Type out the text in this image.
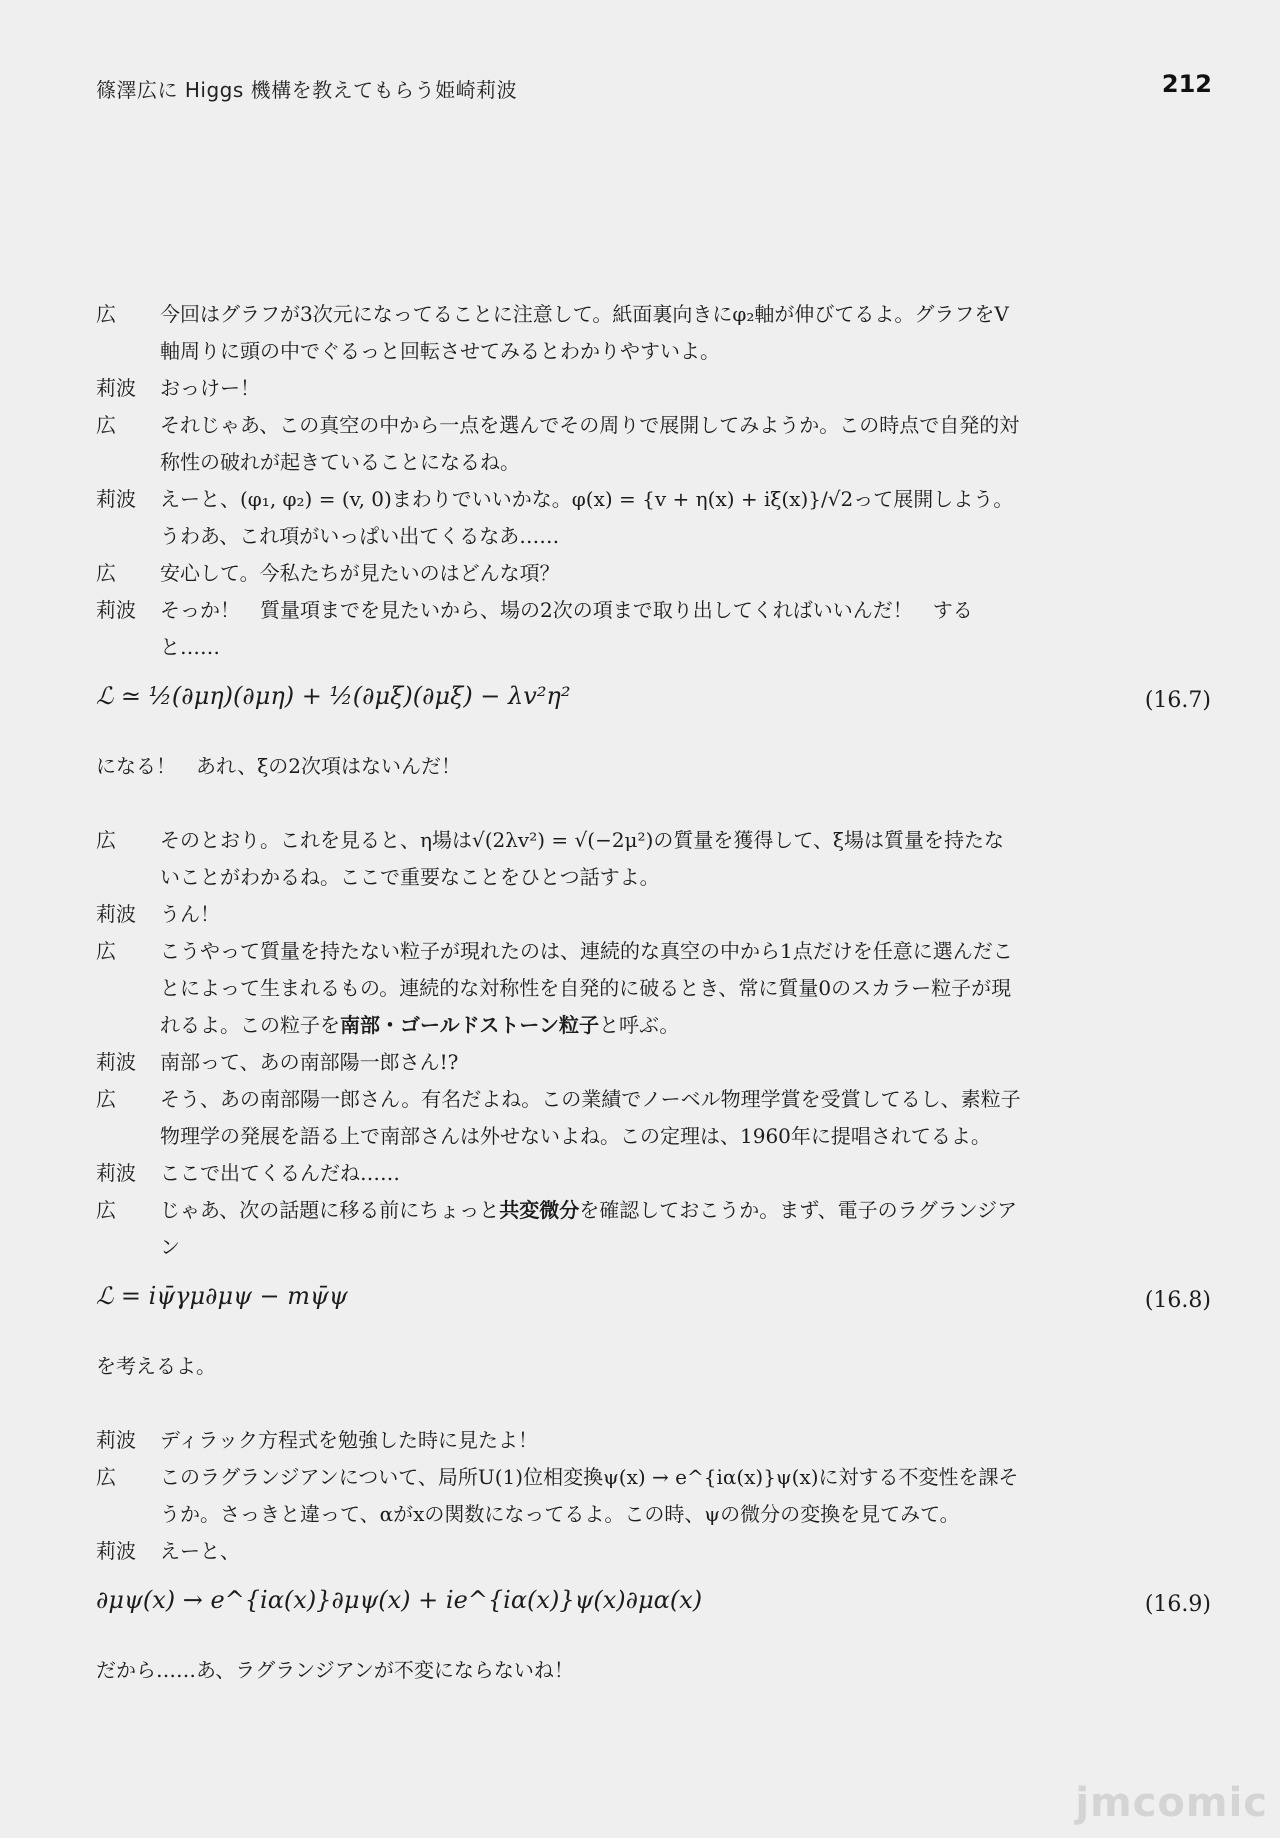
篠澤広に Higgs 機構を教えてもらう姫崎莉波	212
広	今回はグラフが3次元になってることに注意して。紙面裏向きにφ₂軸が伸びてるよ。グラフをV軸周りに頭の中でぐるっと回転させてみるとわかりやすいよ。
莉波	おっけー！
広	それじゃあ、この真空の中から一点を選んでその周りで展開してみようか。この時点で自発的対称性の破れが起きていることになるね。
莉波	えーと、(φ₁, φ₂) = (v, 0)まわりでいいかな。φ(x) = {v + η(x) + iξ(x)}/√2って展開しよう。うわあ、これ項がいっぱい出てくるなあ……
広	安心して。今私たちが見たいのはどんな項？
莉波	そっか！　質量項までを見たいから、場の2次の項まで取り出してくればいいんだ！　すると……
ℒ ≃ ½(∂μη)(∂μη) + ½(∂μξ)(∂μξ) − λv²η²	(16.7)
になる！　あれ、ξの2次項はないんだ！
広	そのとおり。これを見ると、η場は√(2λv²) = √(−2μ²)の質量を獲得して、ξ場は質量を持たないことがわかるね。ここで重要なことをひとつ話すよ。
莉波	うん！
広	こうやって質量を持たない粒子が現れたのは、連続的な真空の中から1点だけを任意に選んだことによって生まれるもの。連続的な対称性を自発的に破るとき、常に質量0のスカラー粒子が現れるよ。この粒子を南部・ゴールドストーン粒子と呼ぶ。
莉波	南部って、あの南部陽一郎さん!?
広	そう、あの南部陽一郎さん。有名だよね。この業績でノーベル物理学賞を受賞してるし、素粒子物理学の発展を語る上で南部さんは外せないよね。この定理は、1960年に提唱されてるよ。
莉波	ここで出てくるんだね……
広	じゃあ、次の話題に移る前にちょっと共変微分を確認しておこうか。まず、電子のラグランジアン
ℒ = iψ̄γμ∂μψ − mψ̄ψ	(16.8)
を考えるよ。
莉波	ディラック方程式を勉強した時に見たよ！
広	このラグランジアンについて、局所U(1)位相変換ψ(x) → e^{iα(x)}ψ(x)に対する不変性を課そうか。さっきと違って、αがxの関数になってるよ。この時、ψの微分の変換を見てみて。
莉波	えーと、
∂μψ(x) → e^{iα(x)}∂μψ(x) + ie^{iα(x)}ψ(x)∂μα(x)	(16.9)
だから……あ、ラグランジアンが不変にならないね！
jmcomic
